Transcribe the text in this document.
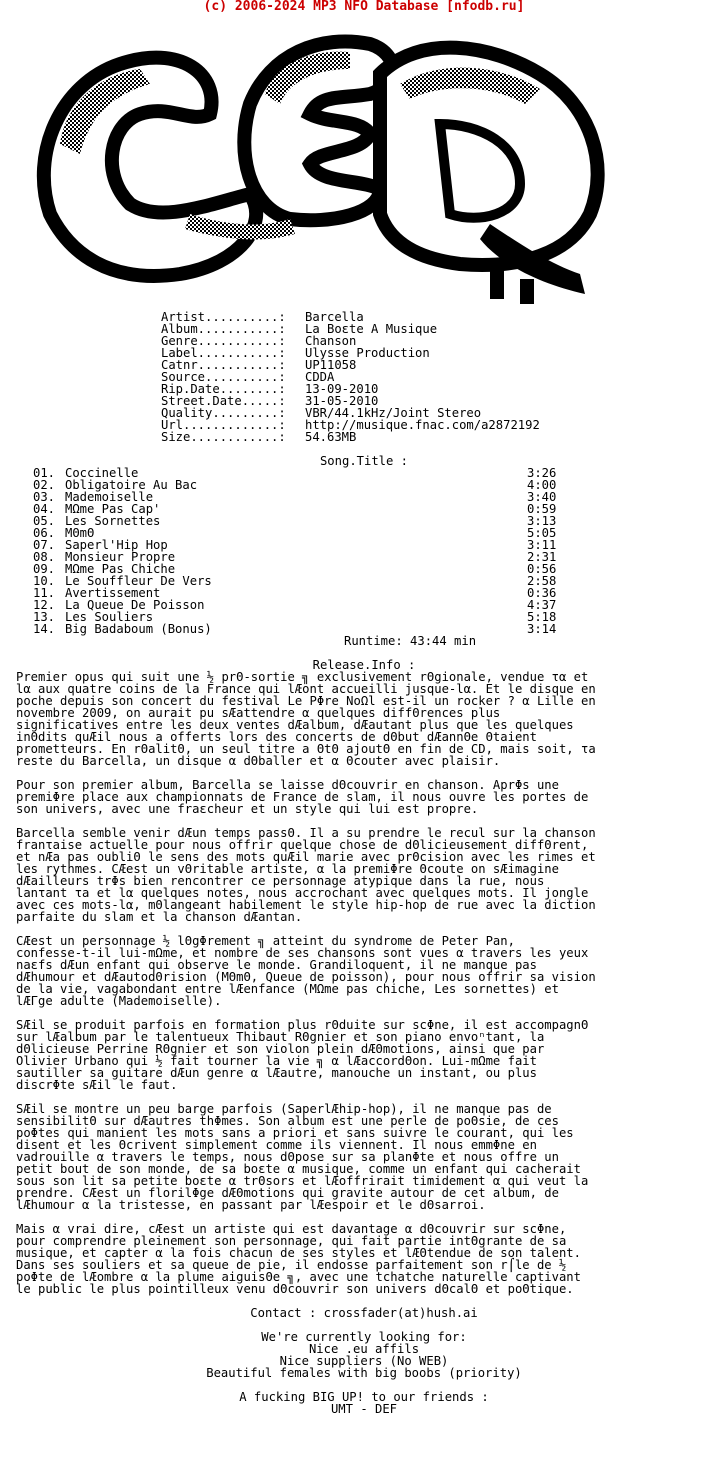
(c) 2006-2024 MP3 NFO Database [nfodb.ru]
Artist..........:	Barcella
Album...........:	La Boεte A Musique
Genre...........:	Chanson
Label...........:	Ulysse Production
Catnr...........:	UP11058
Source..........:	CDDA
Rip.Date........:	13-09-2010
Street.Date.....:	31-05-2010
Quality.........:	VBR/44.1kHz/Joint Stereo
Url.............:	http://musique.fnac.com/a2872192
Size............:	54.63MB
Song.Title :
01. Coccinelle	3:26
02. Obligatoire Au Bac	4:00
03. Mademoiselle	3:40
04. MΩme Pas Cap'	0:59
05. Les Sornettes	3:13
06. MΘmΘ	5:05
07. Saperl'Hip Hop	3:11
08. Monsieur Propre	2:31
09. MΩme Pas Chiche	0:56
10. Le Souffleur De Vers	2:58
11. Avertissement	0:36
12. La Queue De Poisson	4:37
13. Les Souliers	5:18
14. Big Badaboum (Bonus)	3:14
Runtime: 43:44 min
Release.Info :
Premier opus qui suit une ½ prΘ-sortie ╗ exclusivement rΘgionale, vendue τα et
lα aux quatre coins de la France qui lÆont accueilli jusque-lα. Et le disque en
poche depuis son concert du festival Le PΦre NoΩl est-il un rocker ? α Lille en
novembre 2009, on aurait pu sÆattendre α quelques diffΘrences plus
significatives entre les deux ventes dÆalbum, dÆautant plus que les quelques
inΘdits quÆil nous a offerts lors des concerts de dΘbut dÆannΘe Θtaient
prometteurs. En rΘalitΘ, un seul titre a ΘtΘ ajoutΘ en fin de CD, mais soit, τa
reste du Barcella, un disque α dΘballer et α Θcouter avec plaisir.
Pour son premier album, Barcella se laisse dΘcouvrir en chanson. AprΦs une
premiΦre place aux championnats de France de slam, il nous ouvre les portes de
son univers, avec une fraεcheur et un style qui lui est propre.
Barcella semble venir dÆun temps passΘ. Il a su prendre le recul sur la chanson
franτaise actuelle pour nous offrir quelque chose de dΘlicieusement diffΘrent,
et nÆa pas oubliΘ le sens des mots quÆil marie avec prΘcision avec les rimes et
les rythmes. CÆest un vΘritable artiste, α la premiΦre Θcoute on sÆimagine
dÆailleurs trΦs bien rencontrer ce personnage atypique dans la rue, nous
lanτant τa et lα quelques notes, nous accrochant avec quelques mots. Il jongle
avec ces mots-lα, mΘlangeant habilement le style hip-hop de rue avec la diction
parfaite du slam et la chanson dÆantan.
CÆest un personnage ½ lΘgΦrement ╗ atteint du syndrome de Peter Pan,
confesse-t-il lui-mΩme, et nombre de ses chansons sont vues α travers les yeux
naεfs dÆun enfant qui observe le monde. Grandiloquent, il ne manque pas
dÆhumour et dÆautodΘrision (MΘmΘ, Queue de poisson), pour nous offrir sa vision
de la vie, vagabondant entre lÆenfance (MΩme pas chiche, Les sornettes) et
lÆΓge adulte (Mademoiselle).
SÆil se produit parfois en formation plus rΘduite sur scΦne, il est accompagnΘ
sur lÆalbum par le talentueux Thibaut RΘgnier et son piano envoⁿtant, la
dΘlicieuse Perrine RΘgnier et son violon plein dÆΘmotions, ainsi que par
Olivier Urbano qui ½ fait tourner la vie ╗ α lÆaccordΘon. Lui-mΩme fait
sautiller sa guitare dÆun genre α lÆautre, manouche un instant, ou plus
discrΦte sÆil le faut.
SÆil se montre un peu barge parfois (SaperlÆhip-hop), il ne manque pas de
sensibilitΘ sur dÆautres thΦmes. Son album est une perle de poΘsie, de ces
poΦtes qui manient les mots sans a priori et sans suivre le courant, qui les
disent et les Θcrivent simplement comme ils viennent. Il nous emmΦne en
vadrouille α travers le temps, nous dΘpose sur sa planΦte et nous offre un
petit bout de son monde, de sa boεte α musique, comme un enfant qui cacherait
sous son lit sa petite boεte α trΘsors et lÆoffrirait timidement α qui veut la
prendre. CÆest un florilΦge dÆΘmotions qui gravite autour de cet album, de
lÆhumour α la tristesse, en passant par lÆespoir et le dΘsarroi.
Mais α vrai dire, cÆest un artiste qui est davantage α dΘcouvrir sur scΦne,
pour comprendre pleinement son personnage, qui fait partie intΘgrante de sa
musique, et capter α la fois chacun de ses styles et lÆΘtendue de son talent.
Dans ses souliers et sa queue de pie, il endosse parfaitement son r⌠le de ½
poΦte de lÆombre α la plume aiguisΘe ╗, avec une tchatche naturelle captivant
le public le plus pointilleux venu dΘcouvrir son univers dΘcalΘ et poΘtique.
Contact : crossfader(at)hush.ai
We're currently looking for:
Nice .eu affils
Nice suppliers (No WEB)
Beautiful females with big boobs (priority)
A fucking BIG UP! to our friends :
UMT - DEF
